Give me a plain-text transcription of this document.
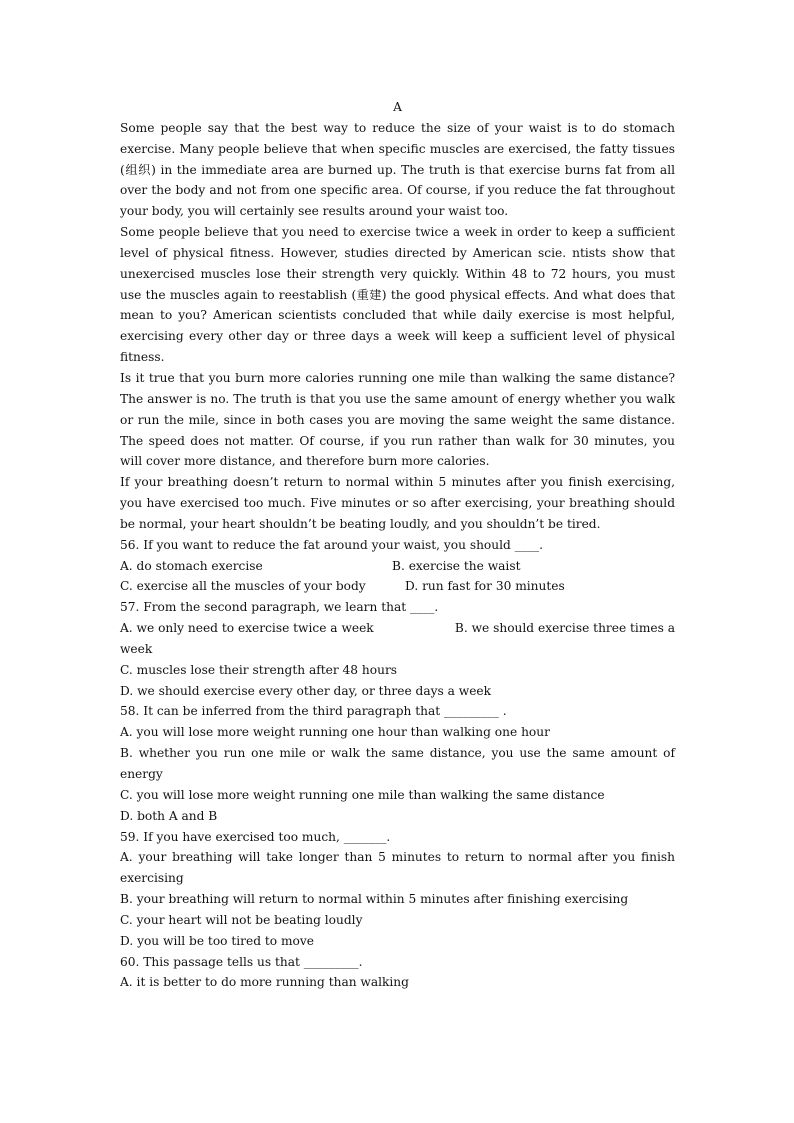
A

Some people say that the best way to reduce the size of your waist is to do stomach exercise. Many people believe that when specific muscles are exercised, the fatty tissues (组织) in the immediate area are burned up. The truth is that exercise burns fat from all over the body and not from one specific area. Of course, if you reduce the fat throughout your body, you will certainly see results around your waist too.

Some people believe that you need to exercise twice a week in order to keep a sufficient level of physical fitness. However, studies directed by American scie. ntists show that unexercised muscles lose their strength very quickly. Within 48 to 72 hours, you must use the muscles again to reestablish (重建) the good physical effects. And what does that mean to you? American scientists concluded that while daily exercise is most helpful, exercising every other day or three days a week will keep a sufficient level of physical fitness.

Is it true that you burn more calories running one mile than walking the same distance? The answer is no. The truth is that you use the same amount of energy whether you walk or run the mile, since in both cases you are moving the same weight the same distance. The speed does not matter. Of course, if you run rather than walk for 30 minutes, you will cover more distance, and therefore burn more calories.

If your breathing doesn’t return to normal within 5 minutes after you finish exercising, you have exercised too much. Five minutes or so after exercising, your breathing should be normal, your heart shouldn’t be beating loudly, and you shouldn’t be tired.

56. If you want to reduce the fat around your waist, you should ____.

A. do stomach exercise	B. exercise the waist
C. exercise all the muscles of your body	D. run fast for 30 minutes

57. From the second paragraph, we learn that ____.

A. we only need to exercise twice a week	B. we should exercise three times a

week

C. muscles lose their strength after 48 hours

D. we should exercise every other day, or three days a week

58. It can be inferred from the third paragraph that _________ .

A. you will lose more weight running one hour than walking one hour

B. whether you run one mile or walk the same distance, you use the same amount of energy

C. you will lose more weight running one mile than walking the same distance

D. both A and B

59. If you have exercised too much, _______.

A. your breathing will take longer than 5 minutes to return to normal after you finish exercising

B. your breathing will return to normal within 5 minutes after finishing exercising

C. your heart will not be beating loudly

D. you will be too tired to move

60. This passage tells us that _________.

A. it is better to do more running than walking
